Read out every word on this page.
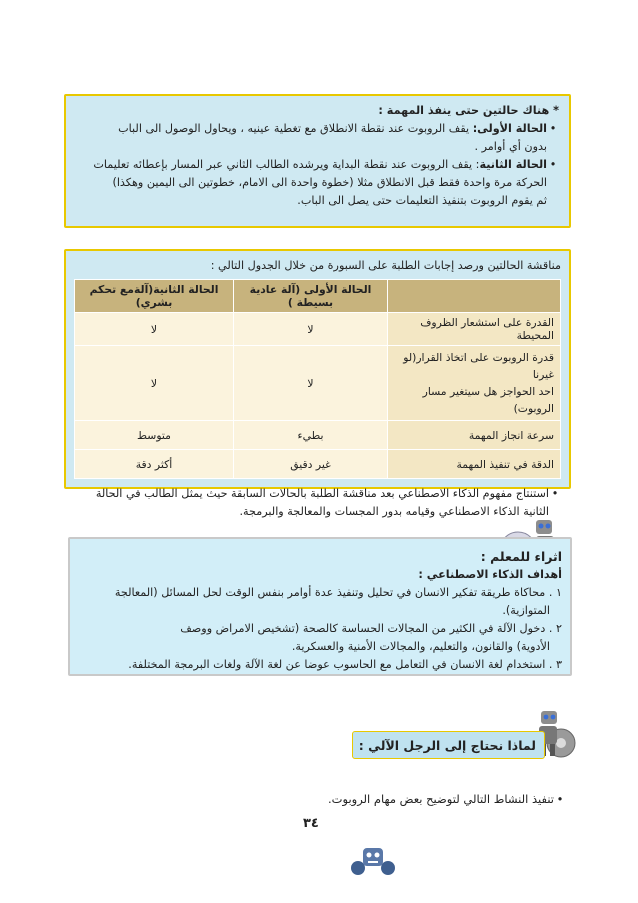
* هناك حالتين حتى ينفذ المهمة :
•الحالة الأولى: يقف الروبوت عند نقطة الانطلاق مع تغطية عينيه ، ويحاول الوصول الى الباب
بدون أي أوامر .
•الحالة الثانية: يقف الروبوت عند نقطة البداية ويرشده الطالب الثاني عبر المسار بإعطائه تعليمات
الحركة مرة واحدة فقط قبل الانطلاق مثلا (خطوة واحدة الى الامام، خطوتين الى اليمين وهكذا)
ثم يقوم الروبوت بتنفيذ التعليمات حتى يصل الى الباب.
مناقشة الحالتين ورصد إجابات الطلبة على السبورة من خلال الجدول التالي :
	الحالة الأولى (آلة عادية بسيطة )	الحالة الثانية(آلةمع تحكم بشري)
القدرة على استشعار الظروف المحيطة	لا	لا

قدرة الروبوت على اتخاذ القرار(لو غيرنا
احد الحواجز هل سيتغير مسار الروبوت)	لا	لا
سرعة انجاز المهمة	بطيء	متوسط
الدقة في تنفيذ المهمة	غير دقيق	أكثر دقة
•استنتاج مفهوم الذكاء الاصطناعي بعد مناقشة الطلبة بالحالات السابقة حيث يمثل الطالب في الحالة
الثانية الذكاء الاصطناعي وقيامه بدور المجسات والمعالجة والبرمجة.
اثراء للمعلم :
أهداف الذكاء الاصطناعي :
١ . محاكاة طريقة تفكير الانسان في تحليل وتنفيذ عدة أوامر بنفس الوقت لحل المسائل (المعالجة
المتوازية).
٢ . دخول الآلة في الكثير من المجالات الحساسة كالصحة (تشخيص الامراض ووصف
الأدوية) والقانون، والتعليم، والمجالات الأمنية والعسكرية.
٣ . استخدام لغة الانسان في التعامل مع الحاسوب عوضا عن لغة الآلة ولغات البرمجة المختلفة.
لماذا نحتاج إلى الرجل الآلي :
•تنفيذ النشاط التالي لتوضيح بعض مهام الروبوت.
٣٤
